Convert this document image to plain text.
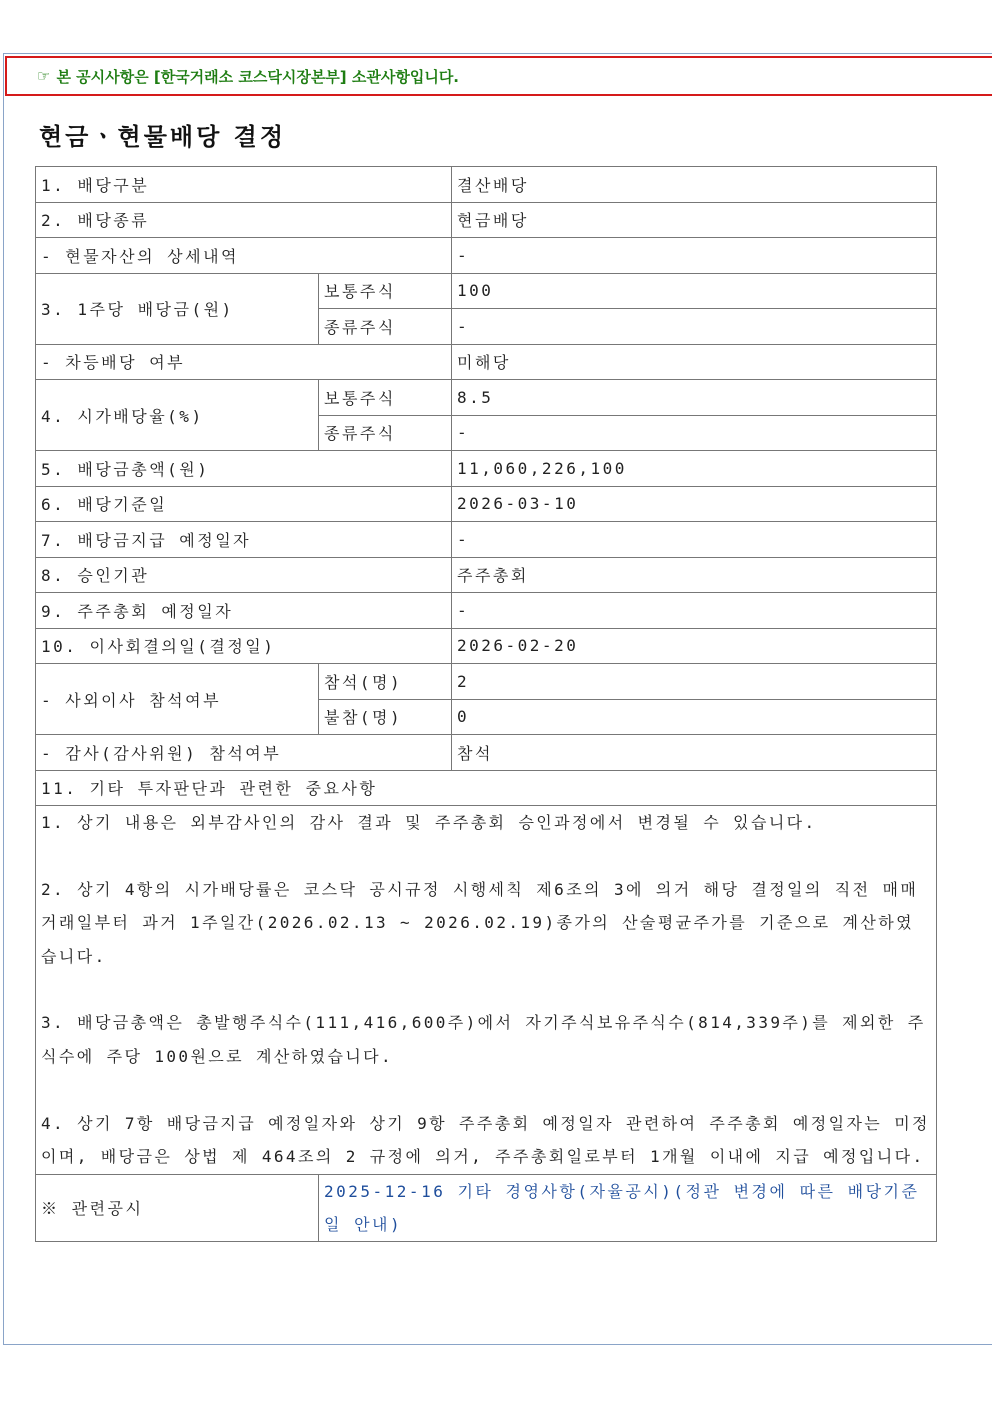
☞ 본 공시사항은 [한국거래소 코스닥시장본부] 소관사항입니다.
현금ㆍ현물배당 결정
1. 배당구분		결산배당
2. 배당종류		현금배당
- 현물자산의 상세내역		-
3. 1주당 배당금(원)	보통주식	100
	종류주식	-
- 차등배당 여부		미해당
4. 시가배당율(%)	보통주식	8.5
	종류주식	-
5. 배당금총액(원)		11,060,226,100
6. 배당기준일		2026-03-10
7. 배당금지급 예정일자		-
8. 승인기관		주주총회
9. 주주총회 예정일자		-
10. 이사회결의일(결정일)		2026-02-20
- 사외이사 참석여부	참석(명)	2
	불참(명)	0
- 감사(감사위원) 참석여부		참석
11. 기타 투자판단과 관련한 중요사항		

1. 상기 내용은 외부감사인의 감사 결과 및 주주총회 승인과정에서 변경될 수 있습니다.

2. 상기 4항의 시가배당률은 코스닥 공시규정 시행세칙 제6조의 3에 의거 해당 결정일의 직전 매매거래일부터 과거 1주일간(2026.02.13 ~ 2026.02.19)종가의 산술평균주가를 기준으로 계산하였습니다.

3. 배당금총액은 총발행주식수(111,416,600주)에서 자기주식보유주식수(814,339주)를 제외한 주식수에 주당 100원으로 계산하였습니다.

4. 상기 7항 배당금지급 예정일자와 상기 9항 주주총회 예정일자 관련하여 주주총회 예정일자는 미정이며, 배당금은 상법 제 464조의 2 규정에 의거, 주주총회일로부터 1개월 이내에 지급 예정입니다.		

※ 관련공시	2025-12-16 기타 경영사항(자율공시)(정관 변경에 따른 배당기준일 안내)	
